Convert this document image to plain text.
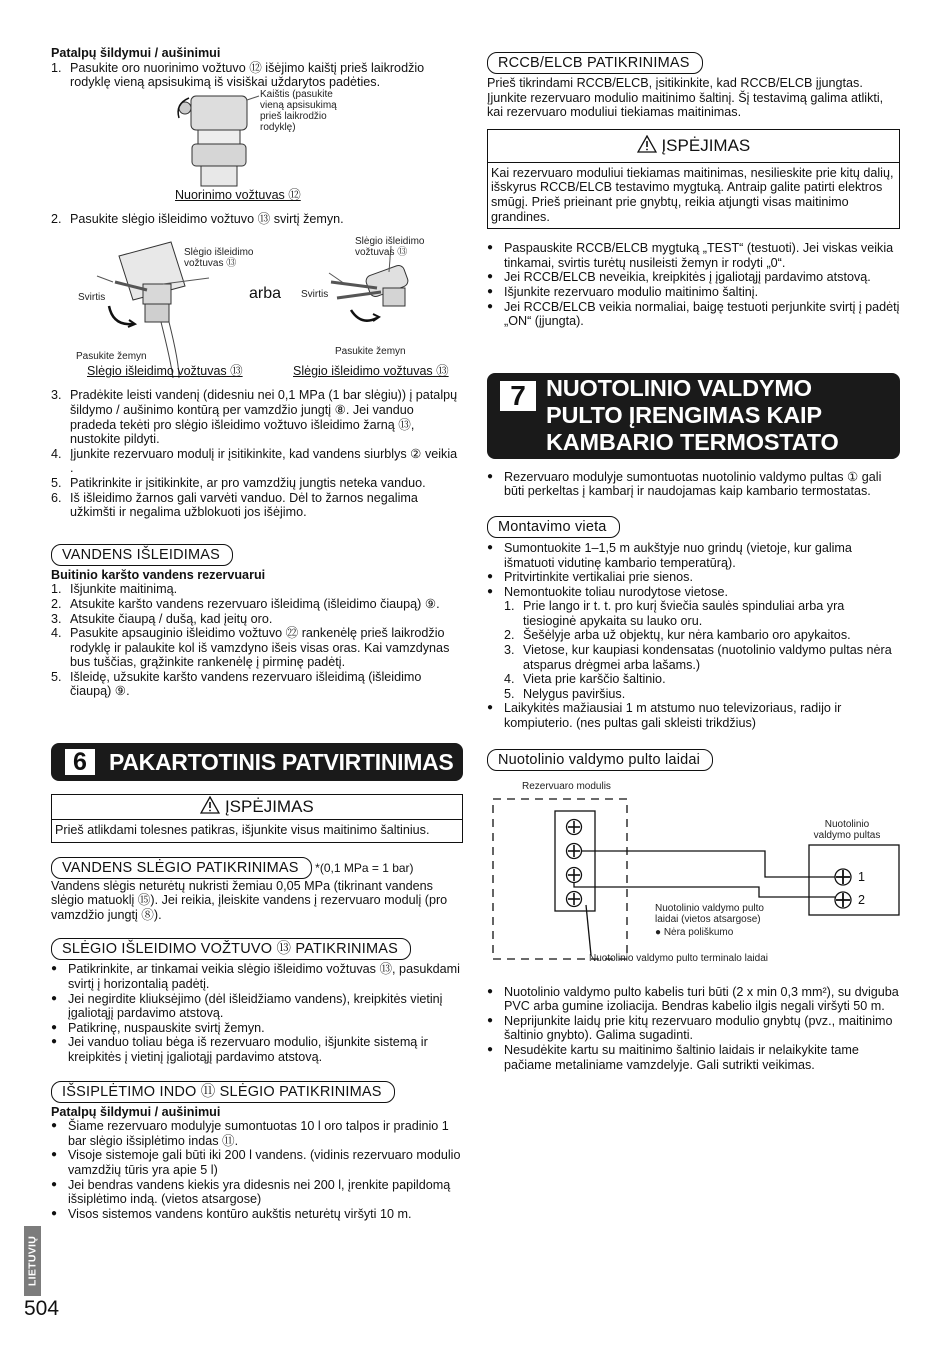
Patalpų šildymui / aušinimui

1. Pasukite oro nuorinimo vožtuvo ⑫ išėjimo kaištį prieš laikrodžio rodyklę vieną apsisukimą iš visiškai uždarytos padėties.
Kaištis (pasukite vieną apsisukimą prieš laikrodžio rodyklę)
Nuorinimo vožtuvas ⑫
2. Pasukite slėgio išleidimo vožtuvo ⑬ svirtį žemyn.
Slėgio išleidimo vožtuvas ⑬
Svirtis	arba
Slėgio išleidimo vožtuvas ⑬
Svirtis
Pasukite žemyn	Pasukite žemyn
Slėgio išleidimo vožtuvas ⑬	Slėgio išleidimo vožtuvas ⑬
3. Pradėkite leisti vandenį (didesniu nei 0,1 MPa (1 bar slėgiu)) į patalpų šildymo / aušinimo kontūrą per vamzdžio jungtį ⑧. Jei vanduo pradeda tekėti pro slėgio išleidimo vožtuvo išleidimo žarną ⑬, nustokite pildyti.
4. Įjunkite rezervuaro modulį ir įsitikinkite, kad vandens siurblys ② veikia .
5. Patikrinkite ir įsitikinkite, ar pro vamzdžių jungtis neteka vanduo.
6. Iš išleidimo žarnos gali varvėti vanduo. Dėl to žarnos negalima užkimšti ir negalima užblokuoti jos išėjimo.
VANDENS IŠLEIDIMAS

Buitinio karšto vandens rezervuarui

1. Išjunkite maitinimą.
2. Atsukite karšto vandens rezervuaro išleidimą (išleidimo čiaupą) ⑨.
3. Atsukite čiaupą / dušą, kad įeitų oro.
4. Pasukite apsauginio išleidimo vožtuvo ㉒ rankenėlę prieš laikrodžio rodyklę ir palaukite kol iš vamzdyno išeis visas oras. Kai vamzdynas bus tuščias, grąžinkite rankenėlę į pirminę padėtį.
5. Išleidę, užsukite karšto vandens rezervuaro išleidimą (išleidimo čiaupą) ⑨.
6 PAKARTOTINIS PATVIRTINIMAS
ĮSPĖJIMAS
Prieš atlikdami tolesnes patikras, išjunkite visus maitinimo šaltinius.
VANDENS SLĖGIO PATIKRINIMAS *(0,1 MPa = 1 bar)

Vandens slėgis neturėtų nukristi žemiau 0,05 MPa (tikrinant vandens slėgio matuoklį ⑮). Jei reikia, įleiskite vandens į rezervuaro modulį (pro vamzdžio jungtį ⑧).

SLĖGIO IŠLEIDIMO VOŽTUVO ⑬ PATIKRINIMAS
● Patikrinkite, ar tinkamai veikia slėgio išleidimo vožtuvas ⑬, pasukdami svirtį į horizontalią padėtį.
● Jei negirdite kliuksėjimo (dėl išleidžiamo vandens), kreipkitės vietinį įgaliotąjį pardavimo atstovą.
● Patikrinę, nuspauskite svirtį žemyn.
● Jei vanduo toliau bėga iš rezervuaro modulio, išjunkite sistemą ir kreipkitės į vietinį įgaliotąjį pardavimo atstovą.
IŠSIPLĖTIMO INDO ⑪ SLĖGIO PATIKRINIMAS

Patalpų šildymui / aušinimui

● Šiame rezervuaro modulyje sumontuotas 10 l oro talpos ir pradinio 1 bar slėgio išsiplėtimo indas ⑪.
● Visoje sistemoje gali būti iki 200 l vandens. (vidinis rezervuaro modulio vamzdžių tūris yra apie 5 l)
● Jei bendras vandens kiekis yra didesnis nei 200 l, įrenkite papildomą išsiplėtimo indą. (vietos atsargose)
● Visos sistemos vandens kontūro aukštis neturėtų viršyti 10 m.
RCCB/ELCB PATIKRINIMAS

Prieš tikrindami RCCB/ELCB, įsitikinkite, kad RCCB/ELCB įjungtas. Įjunkite rezervuaro modulio maitinimo šaltinį. Šį testavimą galima atlikti, kai rezervuaro moduliui tiekiamas maitinimas.

ĮSPĖJIMAS
Kai rezervuaro moduliui tiekiamas maitinimas, nesilieskite prie kitų dalių, išskyrus RCCB/ELCB testavimo mygtuką. Antraip galite patirti elektros smūgį. Prieš prieinant prie gnybtų, reikia atjungti visas maitinimo grandines.
● Paspauskite RCCB/ELCB mygtuką „TEST“ (testuoti). Jei viskas veikia tinkamai, svirtis turėtų nusileisti žemyn ir rodyti „0“.
● Jei RCCB/ELCB neveikia, kreipkitės į įgaliotąjį pardavimo atstovą.
● Išjunkite rezervuaro modulio maitinimo šaltinį.
● Jei RCCB/ELCB veikia normaliai, baigę testuoti perjunkite svirtį į padėtį „ON“ (įjungta).
7 NUOTOLINIO VALDYMO
PULTO ĮRENGIMAS KAIP
KAMBARIO TERMOSTATO
● Rezervuaro modulyje sumontuotas nuotolinio valdymo pultas ① gali būti perkeltas į kambarį ir naudojamas kaip kambario termostatas.
Montavimo vieta
● Sumontuokite 1–1,5 m aukštyje nuo grindų (vietoje, kur galima išmatuoti vidutinę kambario temperatūrą).
● Pritvirtinkite vertikaliai prie sienos.
● Nemontuokite toliau nurodytose vietose.
1. Prie lango ir t. t. pro kurį šviečia saulės spinduliai arba yra tiesioginė apykaita su lauko oru.
2. Šešėlyje arba už objektų, kur nėra kambario oro apykaitos.
3. Vietose, kur kaupiasi kondensatas (nuotolinio valdymo pultas nėra atsparus drėgmei arba lašams.)
4. Vieta prie karščio šaltinio.
5. Nelygus paviršius.
● Laikykitės mažiausiai 1 m atstumo nuo televizoriaus, radijo ir kompiuterio. (nes pultas gali skleisti trikdžius)
Nuotolinio valdymo pulto laidai
Rezervuaro modulis
Nuotolinio valdymo pultas
1
2
Nuotolinio valdymo pulto laidai (vietos atsargose)
● Nėra poliškumo
Nuotolinio valdymo pulto terminalo laidai
● Nuotolinio valdymo pulto kabelis turi būti (2 x min 0,3 mm²), su dviguba PVC arba gumine izoliacija. Bendras kabelio ilgis negali viršyti 50 m.
● Neprijunkite laidų prie kitų rezervuaro modulio gnybtų (pvz., maitinimo šaltinio gnybto). Galima sugadinti.
● Nesudėkite kartu su maitinimo šaltinio laidais ir nelaikykite tame pačiame metaliniame vamzdelyje. Gali sutrikti veikimas.
LIETUVIŲ
504
